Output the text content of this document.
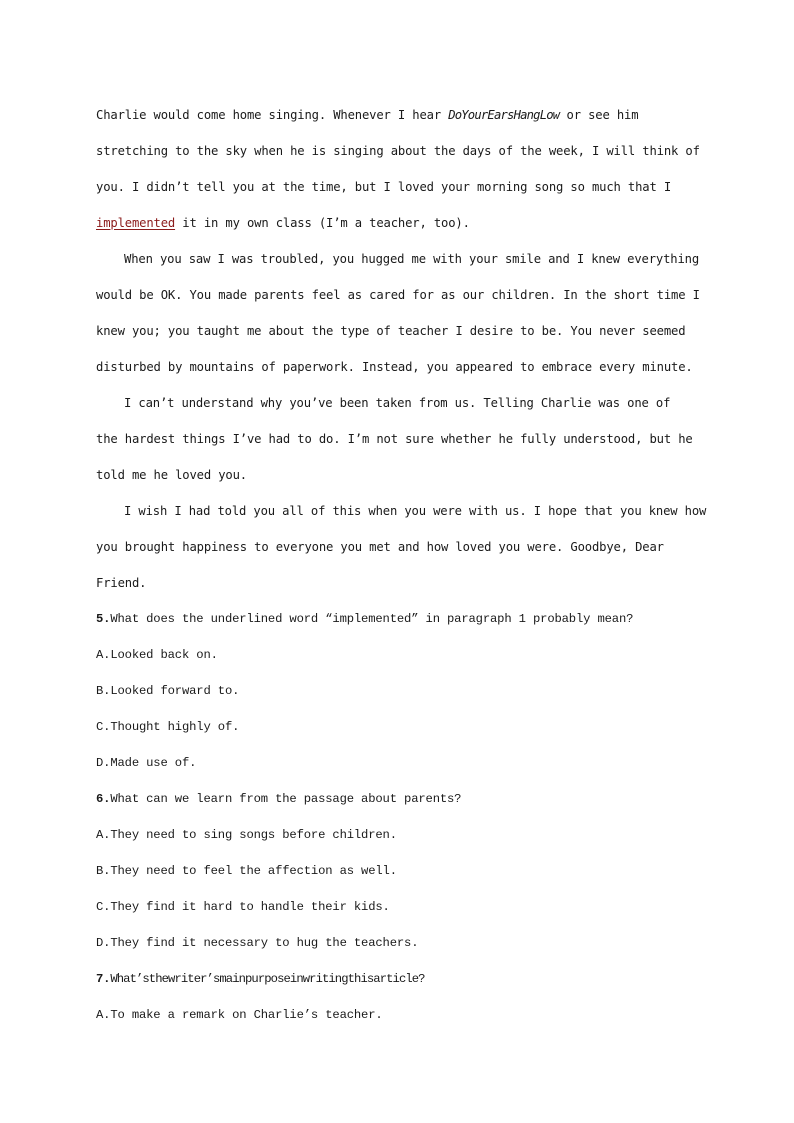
Charlie would come home singing. Whenever I hear DoYourEarsHangLow or see him
stretching to the sky when he is singing about the days of the week, I will think of
you. I didn’t tell you at the time, but I loved your morning song so much that I
implemented it in my own class (I’m a teacher, too).
When you saw I was troubled, you hugged me with your smile and I knew everything
would be OK. You made parents feel as cared for as our children. In the short time I
knew you; you taught me about the type of teacher I desire to be. You never seemed
disturbed by mountains of paperwork. Instead, you appeared to embrace every minute.
I can’t understand why you’ve been taken from us. Telling Charlie was one of
the hardest things I’ve had to do. I’m not sure whether he fully understood, but he
told me he loved you.
I wish I had told you all of this when you were with us. I hope that you knew how
you brought happiness to everyone you met and how loved you were. Goodbye, Dear
Friend.
5.What does the underlined word “implemented” in paragraph 1 probably mean?
A.Looked back on.
B.Looked forward to.
C.Thought highly of.
D.Made use of.
6.What can we learn from the passage about parents?
A.They need to sing songs before children.
B.They need to feel the affection as well.
C.They find it hard to handle their kids.
D.They find it necessary to hug the teachers.
7.What’sthewriter’smainpurposeinwritingthisarticle?
A.To make a remark on Charlie’s teacher.
